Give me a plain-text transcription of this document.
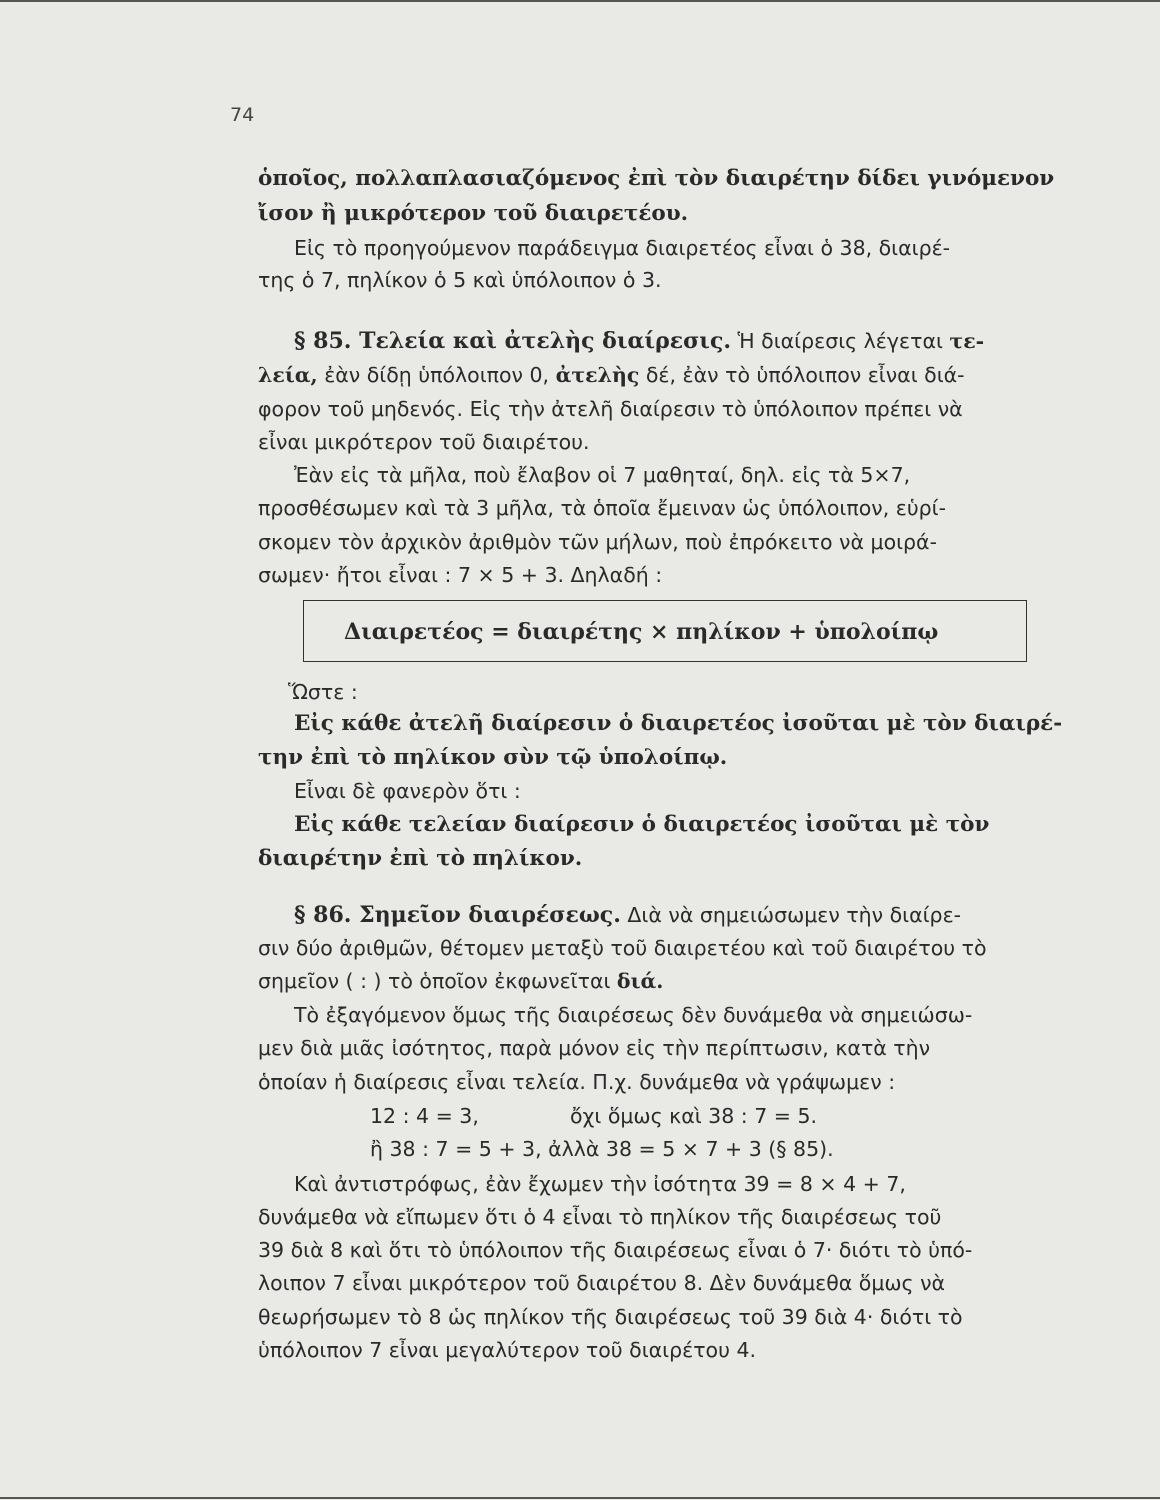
74
ὁποῖος, πολλαπλασιαζόμενος ἐπὶ τὸν διαιρέτην δίδει γινόμενον
ἴσον ἢ μικρότερον τοῦ διαιρετέου.
Εἰς τὸ προηγούμενον παράδειγμα διαιρετέος εἶναι ὁ 38, διαιρέ-
της ὁ 7, πηλίκον ὁ 5 καὶ ὑπόλοιπον ὁ 3.
§ 85. Τελεία καὶ ἀτελὴς διαίρεσις. Ἡ διαίρεσις λέγεται τε-
λεία, ἐὰν δίδῃ ὑπόλοιπον 0, ἀτελὴς δέ, ἐὰν τὸ ὑπόλοιπον εἶναι διά-
φορον τοῦ μηδενός. Εἰς τὴν ἀτελῆ διαίρεσιν τὸ ὑπόλοιπον πρέπει νὰ
εἶναι μικρότερον τοῦ διαιρέτου.
Ἐὰν εἰς τὰ μῆλα, ποὺ ἔλαβον οἱ 7 μαθηταί, δηλ. εἰς τὰ 5×7,
προσθέσωμεν καὶ τὰ 3 μῆλα, τὰ ὁποῖα ἔμειναν ὡς ὑπόλοιπον, εὑρί-
σκομεν τὸν ἀρχικὸν ἀριθμὸν τῶν μήλων, ποὺ ἐπρόκειτο νὰ μοιρά-
σωμεν· ἤτοι εἶναι : 7 × 5 + 3. Δηλαδή :
Ὥστε :
Εἰς κάθε ἀτελῆ διαίρεσιν ὁ διαιρετέος ἰσοῦται μὲ τὸν διαιρέ-
την ἐπὶ τὸ πηλίκον σὺν τῷ ὑπολοίπῳ.
Εἶναι δὲ φανερὸν ὅτι :
Εἰς κάθε τελείαν διαίρεσιν ὁ διαιρετέος ἰσοῦται μὲ τὸν
διαιρέτην ἐπὶ τὸ πηλίκον.
§ 86. Σημεῖον διαιρέσεως. Διὰ νὰ σημειώσωμεν τὴν διαίρε-
σιν δύο ἀριθμῶν, θέτομεν μεταξὺ τοῦ διαιρετέου καὶ τοῦ διαιρέτου τὸ
σημεῖον ( : ) τὸ ὁποῖον ἐκφωνεῖται διά.
Τὸ ἐξαγόμενον ὅμως τῆς διαιρέσεως δὲν δυνάμεθα νὰ σημειώσω-
μεν διὰ μιᾶς ἰσότητος, παρὰ μόνον εἰς τὴν περίπτωσιν, κατὰ τὴν
ὁποίαν ἡ διαίρεσις εἶναι τελεία. Π.χ. δυνάμεθα νὰ γράψωμεν :
12 : 4 = 3,	ὄχι ὅμως καὶ 38 : 7 = 5.
ἢ 38 : 7 = 5 + 3, ἀλλὰ 38 = 5 × 7 + 3 (§ 85).
Καὶ ἀντιστρόφως, ἐὰν ἔχωμεν τὴν ἰσότητα 39 = 8 × 4 + 7,
δυνάμεθα νὰ εἴπωμεν ὅτι ὁ 4 εἶναι τὸ πηλίκον τῆς διαιρέσεως τοῦ
39 διὰ 8 καὶ ὅτι τὸ ὑπόλοιπον τῆς διαιρέσεως εἶναι ὁ 7· διότι τὸ ὑπό-
λοιπον 7 εἶναι μικρότερον τοῦ διαιρέτου 8. Δὲν δυνάμεθα ὅμως νὰ
θεωρήσωμεν τὸ 8 ὡς πηλίκον τῆς διαιρέσεως τοῦ 39 διὰ 4· διότι τὸ
ὑπόλοιπον 7 εἶναι μεγαλύτερον τοῦ διαιρέτου 4.
Διαιρετέος = διαιρέτης × πηλίκον + ὑπολοίπῳ
